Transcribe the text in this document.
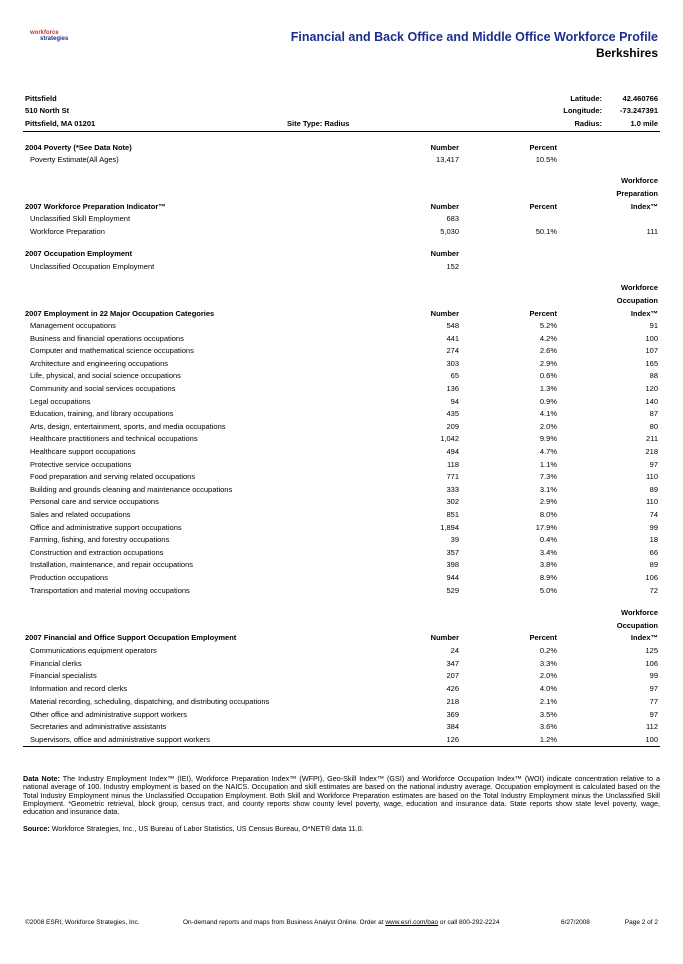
workforce
strategies	Financial and Back Office and Middle Office Workforce Profile
Berkshires
Pittsfield
510 North St
Pittsfield, MA 01201	Site Type: Radius
Latitude:	42.460766
Longitude: -73.247391
Radius:	1.0 mile
2004 Poverty (*See Data Note)	Number	Percent
Poverty Estimate(All Ages)	13,417	10.5%
Workforce
Preparation
2007 Workforce Preparation Indicator™	Number	Percent	Index™
Unclassified Skill Employment	683
Workforce Preparation	5,030	50.1%	111
2007 Occupation Employment	Number
Unclassified Occupation Employment	152
Workforce
Occupation
2007 Employment in 22 Major Occupation Categories	Number	Percent	Index™
Management occupations	548	5.2%	91
Business and financial operations occupations	441	4.2%	100
Computer and mathematical science occupations	274	2.6%	107
Architecture and engineering occupations	303	2.9%	165
Life, physical, and social science occupations	65	0.6%	88
Community and social services occupations	136	1.3%	120
Legal occupations	94	0.9%	140
Education, training, and library occupations	435	4.1%	87
Arts, design, entertainment, sports, and media occupations	209	2.0%	80
Healthcare practitioners and technical occupations	1,042	9.9%	211
Healthcare support occupations	494	4.7%	218
Protective service occupations	118	1.1%	97
Food preparation and serving related occupations	771	7.3%	110
Building and grounds cleaning and maintenance occupations	333	3.1%	89
Personal care and service occupations	302	2.9%	110
Sales and related occupations	851	8.0%	74
Office and administrative support occupations	1,894	17.9%	99
Farming, fishing, and forestry occupations	39	0.4%	18
Construction and extraction occupations	357	3.4%	66
Installation, maintenance, and repair occupations	398	3.8%	89
Production occupations	944	8.9%	106
Transportation and material moving occupations	529	5.0%	72
Workforce
Occupation
2007 Financial and Office Support Occupation Employment	Number	Percent	Index™
Communications equipment operators	24	0.2%	125
Financial clerks	347	3.3%	106
Financial specialists	207	2.0%	99
Information and record clerks	426	4.0%	97
Material recording, scheduling, dispatching, and distributing occupations	218	2.1%	77
Other office and administrative support workers	369	3.5%	97
Secretaries and administrative assistants	384	3.6%	112
Supervisors, office and administrative support workers	126	1.2%	100
Data Note: The Industry Employment Index™ (IEI), Workforce Preparation Index™ (WFPI), Geo-Skill Index™ (GSI) and Workforce Occupation Index™ (WOI) indicate concentration relative to a national average of 100. Industry employment is based on the NAICS. Occupation and skill estimates are based on the national industry average. Occupation employment is calculated based on the Total Industry Employment minus the Unclassified Occupation Employment. Both Skill and Workforce Preparation estimates are based on the Total Industry Employment minus the Unclassified Skill Employment. *Geometric retrieval, block group, census tract, and county reports show county level poverty, wage, education and insurance data. State reports show state level poverty, wage, education and insurance data.
Source: Workforce Strategies, Inc., US Bureau of Labor Statistics, US Census Bureau, O*NET® data 11.0.
©2008 ESRI, Workforce Strategies, Inc.	On-demand reports and maps from Business Analyst Online. Order at www.esri.com/bao or call 800-292-2224	6/27/2008	Page 2 of 2
